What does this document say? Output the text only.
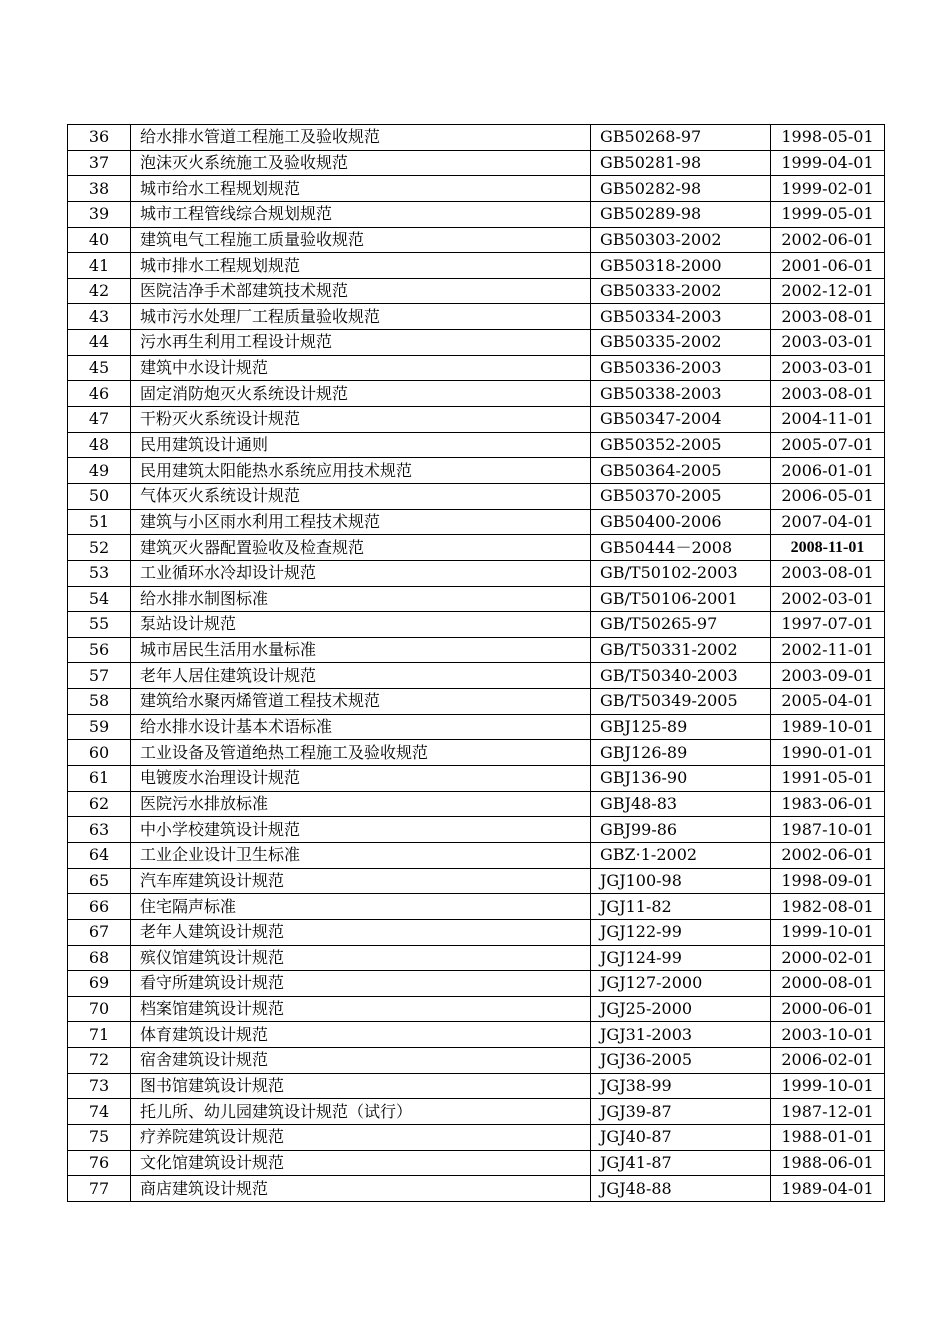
36	给水排水管道工程施工及验收规范	GB50268-97	1998-05-01
37	泡沫灭火系统施工及验收规范	GB50281-98	1999-04-01
38	城市给水工程规划规范	GB50282-98	1999-02-01
39	城市工程管线综合规划规范	GB50289-98	1999-05-01
40	建筑电气工程施工质量验收规范	GB50303-2002	2002-06-01
41	城市排水工程规划规范	GB50318-2000	2001-06-01
42	医院洁净手术部建筑技术规范	GB50333-2002	2002-12-01
43	城市污水处理厂工程质量验收规范	GB50334-2003	2003-08-01
44	污水再生利用工程设计规范	GB50335-2002	2003-03-01
45	建筑中水设计规范	GB50336-2003	2003-03-01
46	固定消防炮灭火系统设计规范	GB50338-2003	2003-08-01
47	干粉灭火系统设计规范	GB50347-2004	2004-11-01
48	民用建筑设计通则	GB50352-2005	2005-07-01
49	民用建筑太阳能热水系统应用技术规范	GB50364-2005	2006-01-01
50	气体灭火系统设计规范	GB50370-2005	2006-05-01
51	建筑与小区雨水利用工程技术规范	GB50400-2006	2007-04-01
52	建筑灭火器配置验收及检查规范	GB50444－2008	2008-11-01
53	工业循环水冷却设计规范	GB/T50102-2003	2003-08-01
54	给水排水制图标准	GB/T50106-2001	2002-03-01
55	泵站设计规范	GB/T50265-97	1997-07-01
56	城市居民生活用水量标准	GB/T50331-2002	2002-11-01
57	老年人居住建筑设计规范	GB/T50340-2003	2003-09-01
58	建筑给水聚丙烯管道工程技术规范	GB/T50349-2005	2005-04-01
59	给水排水设计基本术语标准	GBJ125-89	1989-10-01
60	工业设备及管道绝热工程施工及验收规范	GBJ126-89	1990-01-01
61	电镀废水治理设计规范	GBJ136-90	1991-05-01
62	医院污水排放标准	GBJ48-83	1983-06-01
63	中小学校建筑设计规范	GBJ99-86	1987-10-01
64	工业企业设计卫生标准	GBZ·1-2002	2002-06-01
65	汽车库建筑设计规范	JGJ100-98	1998-09-01
66	住宅隔声标准	JGJ11-82	1982-08-01
67	老年人建筑设计规范	JGJ122-99	1999-10-01
68	殡仪馆建筑设计规范	JGJ124-99	2000-02-01
69	看守所建筑设计规范	JGJ127-2000	2000-08-01
70	档案馆建筑设计规范	JGJ25-2000	2000-06-01
71	体育建筑设计规范	JGJ31-2003	2003-10-01
72	宿舍建筑设计规范	JGJ36-2005	2006-02-01
73	图书馆建筑设计规范	JGJ38-99	1999-10-01
74	托儿所、幼儿园建筑设计规范（试行）	JGJ39-87	1987-12-01
75	疗养院建筑设计规范	JGJ40-87	1988-01-01
76	文化馆建筑设计规范	JGJ41-87	1988-06-01
77	商店建筑设计规范	JGJ48-88	1989-04-01
